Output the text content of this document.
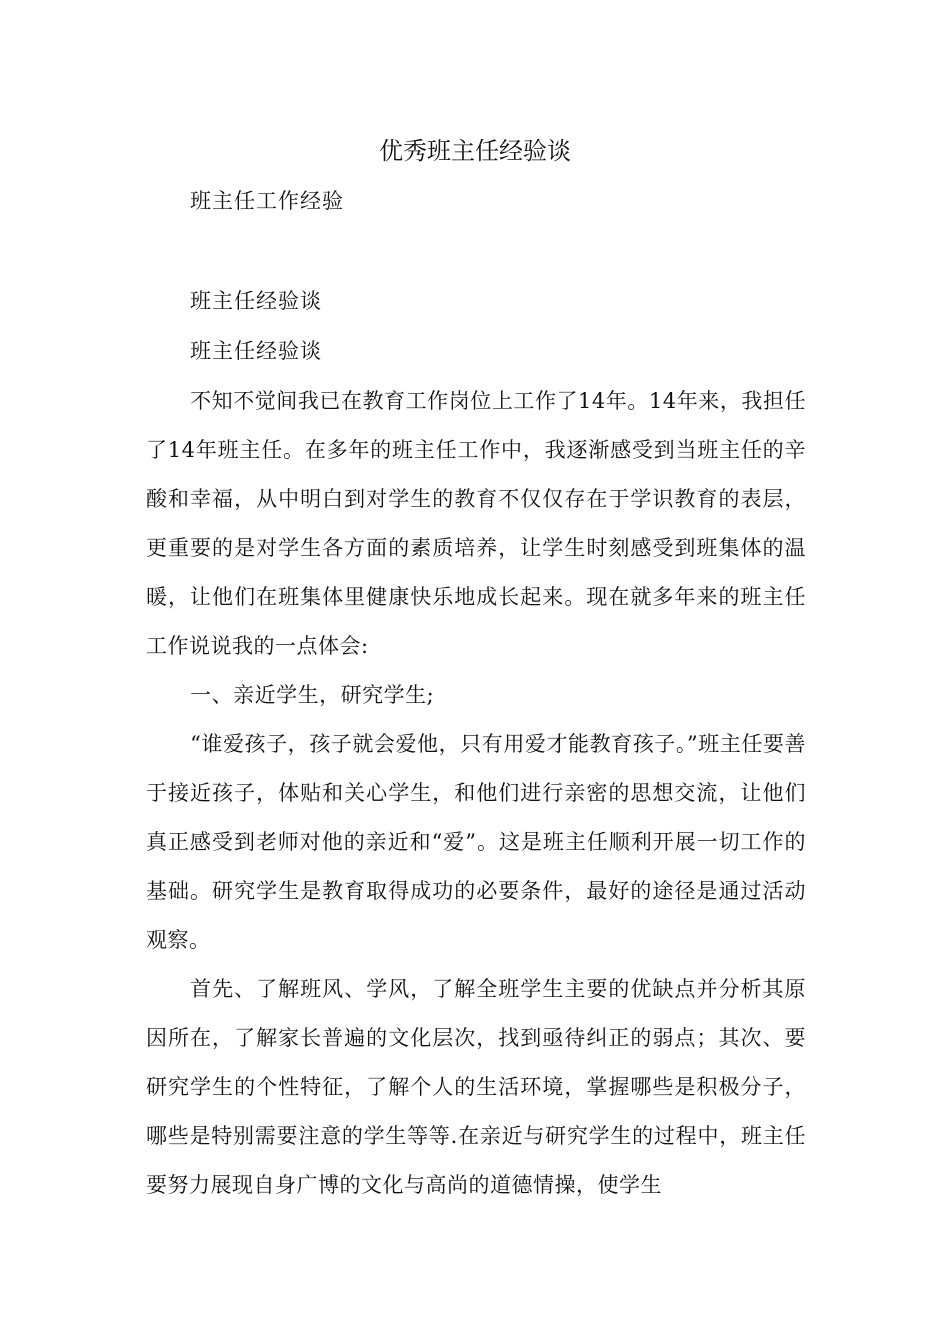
优秀班主任经验谈

班主任工作经验

班主任经验谈

班主任经验谈

不知不觉间我已在教育工作岗位上工作了14年。14年来，我担任了14年班主任。在多年的班主任工作中，我逐渐感受到当班主任的辛酸和幸福，从中明白到对学生的教育不仅仅存在于学识教育的表层，更重要的是对学生各方面的素质培养，让学生时刻感受到班集体的温暖，让他们在班集体里健康快乐地成长起来。现在就多年来的班主任工作说说我的一点体会:
一、亲近学生，研究学生;
“谁爱孩子，孩子就会爱他，只有用爱才能教育孩子。”班主任要善于接近孩子，体贴和关心学生，和他们进行亲密的思想交流，让他们真正感受到老师对他的亲近和“爱”。这是班主任顺利开展一切工作的基础。研究学生是教育取得成功的必要条件，最好的途径是通过活动观察。
首先、了解班风、学风，了解全班学生主要的优缺点并分析其原因所在，了解家长普遍的文化层次，找到亟待纠正的弱点；其次、要研究学生的个性特征，了解个人的生活环境，掌握哪些是积极分子，哪些是特别需要注意的学生等等.在亲近与研究学生的过程中，班主任要努力展现自身广博的文化与高尚的道德情操，使学生
